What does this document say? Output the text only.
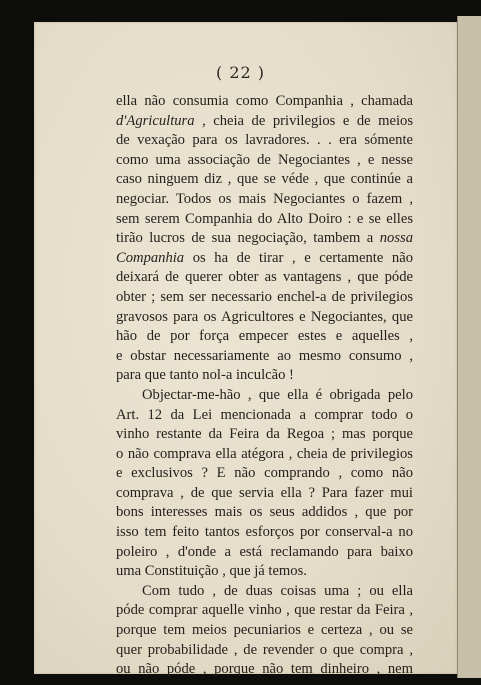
( 22 )
ella não consumia como Companhia , chamada
d'Agricultura , cheia de privilegios e de meios
de vexação para os lavradores. . . era sómente
como uma associação de Negociantes , e nesse
caso ninguem diz , que se véde , que continúe a
negociar. Todos os mais Negociantes o fazem ,
sem serem Companhia do Alto Doiro : e se elles
tirão lucros de sua negociação, tambem a nossa
Companhia os ha de tirar , e certamente não
deixará de querer obter as vantagens , que póde
obter ; sem ser necessario enchel-a de privilegios
gravosos para os Agricultores e Negociantes, que
hão de por força empecer estes e aquelles ,
e obstar necessariamente ao mesmo consumo ,
para que tanto nol-a inculcão !
Objectar-me-hão , que ella é obrigada pelo
Art. 12 da Lei mencionada a comprar todo o
vinho restante da Feira da Regoa ; mas porque
o não comprava ella atégora , cheia de privilegios
e exclusivos ? E não comprando , como não
comprava , de que servia ella ? Para fazer mui
bons interesses mais os seus addidos , que por
isso tem feito tantos esforços por conserval-a no
poleiro , d'onde a está reclamando para baixo
uma Constituição , que já temos.
Com tudo , de duas coisas uma ; ou ella
póde comprar aquelle vinho , que restar da Feira ,
porque tem meios pecuniarios e certeza , ou se
quer probabilidade , de revender o que compra ,
ou não póde , porque não tem dinheiro , nem
